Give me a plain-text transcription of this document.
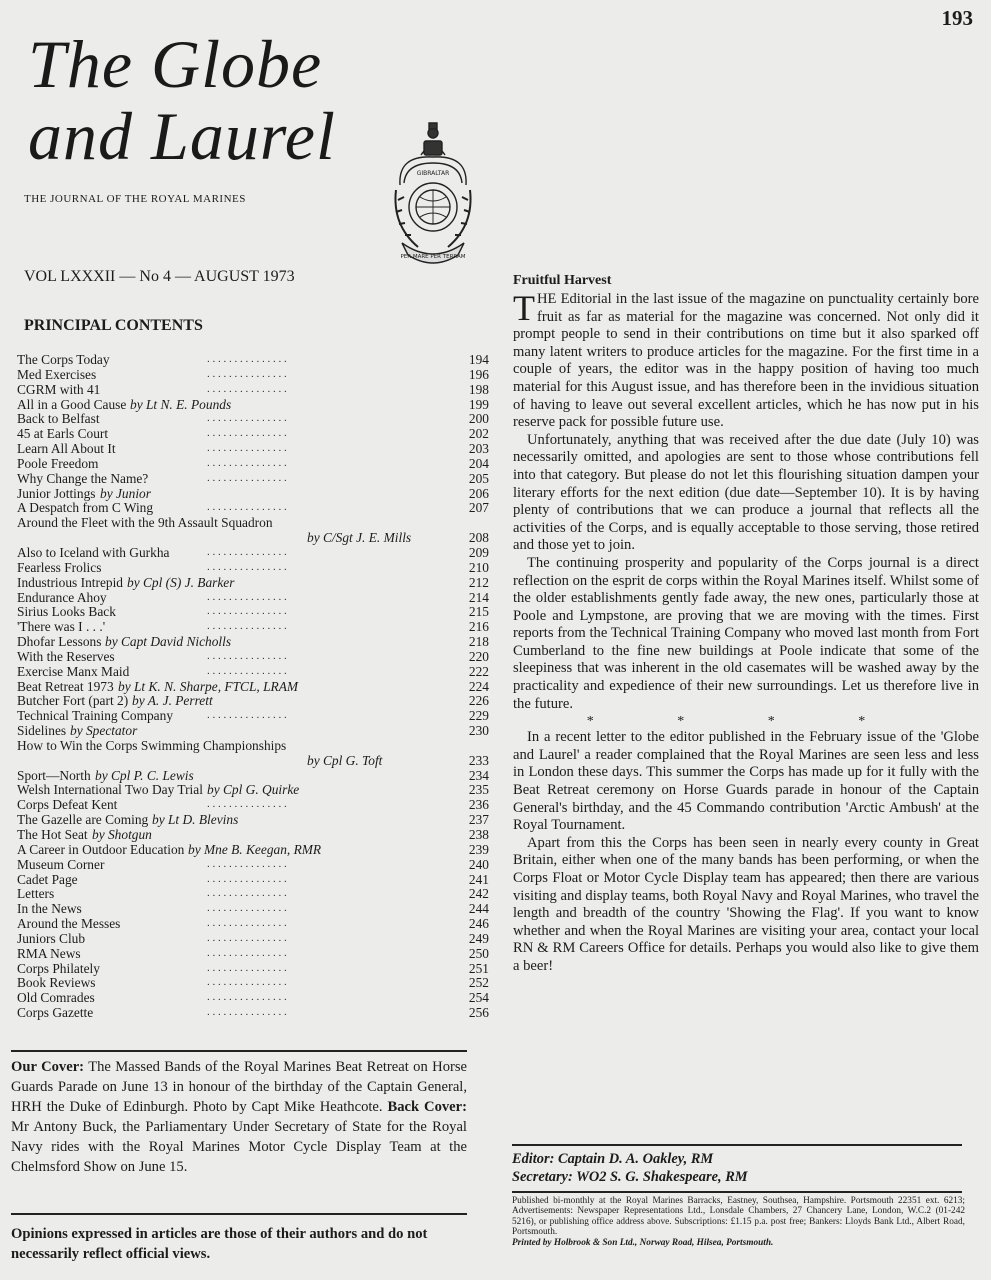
193
The Globe
and Laurel
THE JOURNAL OF THE ROYAL MARINES
GIBRALTAR
PER MARE PER TERRAM
VOL LXXXII — No 4 — AUGUST 1973
PRINCIPAL CONTENTS
The Corps Today	. . . . . . . . . . . . . . .	194
Med Exercises	. . . . . . . . . . . . . . .	196
CGRM with 41	. . . . . . . . . . . . . . .	198
All in a Good Cause by Lt N. E. Pounds	199
Back to Belfast	. . . . . . . . . . . . . . .	200
45 at Earls Court	. . . . . . . . . . . . . . .	202
Learn All About It	. . . . . . . . . . . . . . .	203
Poole Freedom	. . . . . . . . . . . . . . .	204
Why Change the Name?	. . . . . . . . . . . . . . .	205
Junior Jottings by Junior	206
A Despatch from C Wing	. . . . . . . . . . . . . . .	207
Around the Fleet with the 9th Assault Squadron
by C/Sgt J. E. Mills	208
Also to Iceland with Gurkha	. . . . . . . . . . . . . . .	209
Fearless Frolics	. . . . . . . . . . . . . . .	210
Industrious Intrepid by Cpl (S) J. Barker	212
Endurance Ahoy	. . . . . . . . . . . . . . .	214
Sirius Looks Back	. . . . . . . . . . . . . . .	215
'There was I . . .'	. . . . . . . . . . . . . . .	216
Dhofar Lessons by Capt David Nicholls	218
With the Reserves	. . . . . . . . . . . . . . .	220
Exercise Manx Maid	. . . . . . . . . . . . . . .	222
Beat Retreat 1973 by Lt K. N. Sharpe, FTCL, LRAM	224
Butcher Fort (part 2) by A. J. Perrett	226
Technical Training Company	. . . . . . . . . . . . . . .	229
Sidelines by Spectator	230
How to Win the Corps Swimming Championships
by Cpl G. Toft	233
Sport—North by Cpl P. C. Lewis	234
Welsh International Two Day Trial by Cpl G. Quirke	235
Corps Defeat Kent	. . . . . . . . . . . . . . .	236
The Gazelle are Coming by Lt D. Blevins	237
The Hot Seat by Shotgun	238
A Career in Outdoor Education by Mne B. Keegan, RMR	239
Museum Corner	. . . . . . . . . . . . . . .	240
Cadet Page	. . . . . . . . . . . . . . .	241
Letters	. . . . . . . . . . . . . . .	242
In the News	. . . . . . . . . . . . . . .	244
Around the Messes	. . . . . . . . . . . . . . .	246
Juniors Club	. . . . . . . . . . . . . . .	249
RMA News	. . . . . . . . . . . . . . .	250
Corps Philately	. . . . . . . . . . . . . . .	251
Book Reviews	. . . . . . . . . . . . . . .	252
Old Comrades	. . . . . . . . . . . . . . .	254
Corps Gazette	. . . . . . . . . . . . . . .	256
Our Cover: The Massed Bands of the Royal Marines Beat Retreat on Horse Guards Parade on June 13 in honour of the birthday of the Captain General, HRH the Duke of Edinburgh. Photo by Capt Mike Heathcote. Back Cover: Mr Antony Buck, the Parliamentary Under Secretary of State for the Royal Navy rides with the Royal Marines Motor Cycle Display Team at the Chelmsford Show on June 15.
Opinions expressed in articles are those of their authors and do not necessarily reflect official views.
Fruitful Harvest

THE Editorial in the last issue of the magazine on punctuality certainly bore fruit as far as material for the magazine was concerned. Not only did it prompt people to send in their contributions on time but it also sparked off many latent writers to produce articles for the magazine. For the first time in a couple of years, the editor was in the happy position of having too much material for this August issue, and has therefore been in the invidious situation of having to leave out several excellent articles, which he has now put in his reserve pack for possible future use.

Unfortunately, anything that was received after the due date (July 10) was necessarily omitted, and apologies are sent to those whose contributions fell into that category. But please do not let this flourishing situation dampen your literary efforts for the next edition (due date—September 10). It is by having plenty of contributions that we can produce a journal that reflects all the activities of the Corps, and is equally acceptable to those serving, those retired and those yet to join.

The continuing prosperity and popularity of the Corps journal is a direct reflection on the esprit de corps within the Royal Marines itself. Whilst some of the older establishments gently fade away, the new ones, particularly those at Poole and Lympstone, are proving that we are moving with the times. First reports from the Technical Training Company who moved last month from Fort Cumberland to the fine new buildings at Poole indicate that some of the sleepiness that was inherent in the old casemates will be washed away by the practicality and expedience of their new surroundings. Let us therefore live in the future.

* * * *

In a recent letter to the editor published in the February issue of the 'Globe and Laurel' a reader complained that the Royal Marines are seen less and less in London these days. This summer the Corps has made up for it fully with the Beat Retreat ceremony on Horse Guards parade in honour of the Captain General's birthday, and the 45 Commando contribution 'Arctic Ambush' at the Royal Tournament.

Apart from this the Corps has been seen in nearly every county in Great Britain, either when one of the many bands has been performing, or when the Corps Float or Motor Cycle Display team has appeared; then there are various visiting and display teams, both Royal Navy and Royal Marines, who travel the length and breadth of the country 'Showing the Flag'. If you want to know whether and when the Royal Marines are visiting your area, contact your local RN & RM Careers Office for details. Perhaps you would also like to give them a beer!

Editor: Captain D. A. Oakley, RM
Secretary: WO2 S. G. Shakespeare, RM
Published bi-monthly at the Royal Marines Barracks, Eastney, Southsea, Hampshire. Portsmouth 22351 ext. 6213; Advertisements: Newspaper Representations Ltd., Lonsdale Chambers, 27 Chancery Lane, London, W.C.2 (01-242 5216), or publishing office address above. Subscriptions: £1.15 p.a. post free; Bankers: Lloyds Bank Ltd., Albert Road, Portsmouth.
Printed by Holbrook & Son Ltd., Norway Road, Hilsea, Portsmouth.
